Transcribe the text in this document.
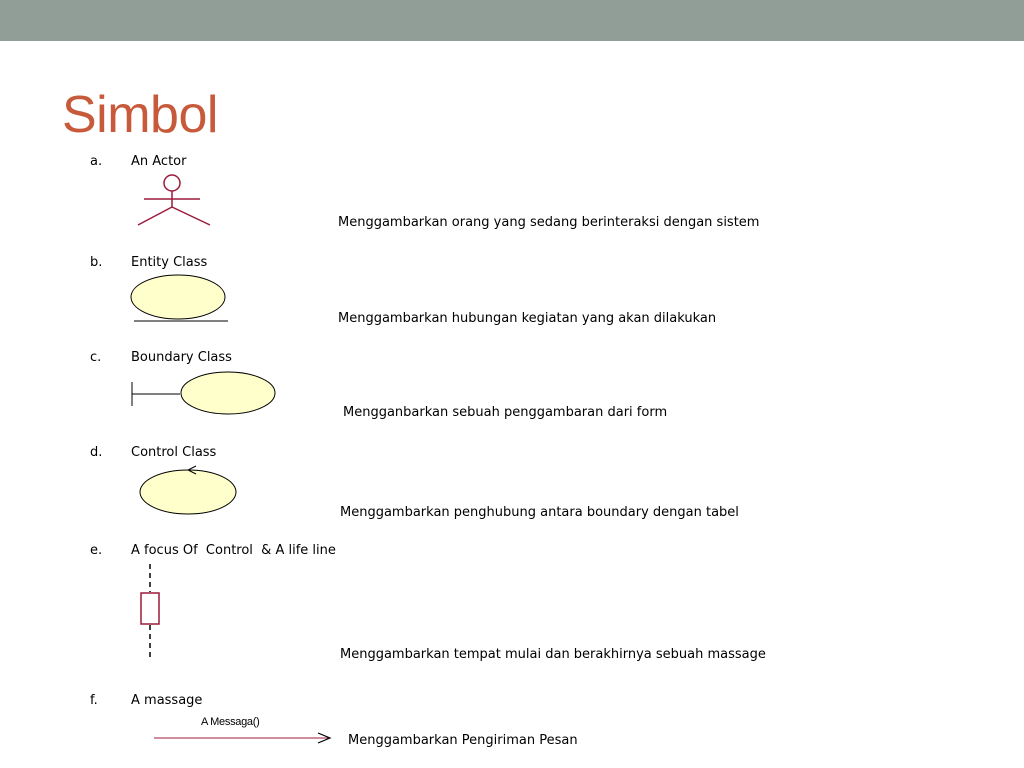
Simbol
a. An Actor
Menggambarkan orang yang sedang berinteraksi dengan sistem
b. Entity Class
Menggambarkan hubungan kegiatan yang akan dilakukan
c. Boundary Class
Mengganbarkan sebuah penggambaran dari form
d. Control Class
Menggambarkan penghubung antara boundary dengan tabel
e. A focus Of  Control  & A life line
Menggambarkan tempat mulai dan berakhirnya sebuah massage
f.	A massage
A Messaga()
Menggambarkan Pengiriman Pesan
